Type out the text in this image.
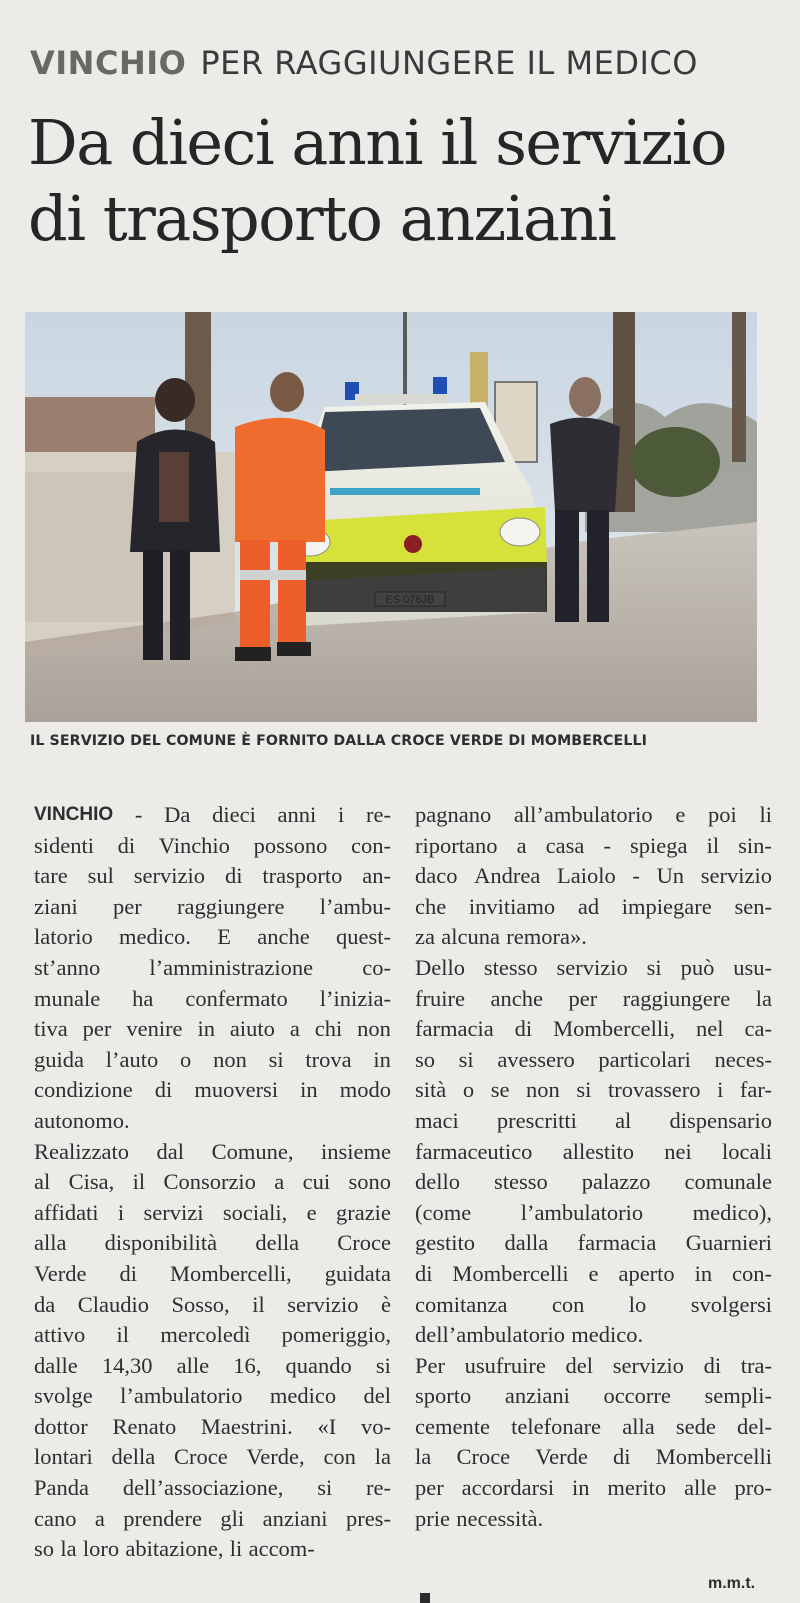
VINCHIO PER RAGGIUNGERE IL MEDICO
Da dieci anni il servizio di trasporto anziani
IL SERVIZIO DEL COMUNE È FORNITO DALLA CROCE VERDE DI MOMBERCELLI
VINCHIO - Da dieci anni i re-
sidenti di Vinchio possono con-
tare sul servizio di trasporto an-
ziani per raggiungere l’ambu-
latorio medico. E anche quest-
st’anno l’amministrazione co-
munale ha confermato l’inizia-
tiva per venire in aiuto a chi non
guida l’auto o non si trova in
condizione di muoversi in modo
autonomo.
Realizzato dal Comune, insieme
al Cisa, il Consorzio a cui sono
affidati i servizi sociali, e grazie
alla disponibilità della Croce
Verde di Mombercelli, guidata
da Claudio Sosso, il servizio è
attivo il mercoledì pomeriggio,
dalle 14,30 alle 16, quando si
svolge l’ambulatorio medico del
dottor Renato Maestrini. «I vo-
lontari della Croce Verde, con la
Panda dell’associazione, si re-
cano a prendere gli anziani pres-
so la loro abitazione, li accom-
pagnano all’ambulatorio e poi li
riportano a casa - spiega il sin-
daco Andrea Laiolo - Un servizio
che invitiamo ad impiegare sen-
za alcuna remora».
Dello stesso servizio si può usu-
fruire anche per raggiungere la
farmacia di Mombercelli, nel ca-
so si avessero particolari neces-
sità o se non si trovassero i far-
maci prescritti al dispensario
farmaceutico allestito nei locali
dello stesso palazzo comunale
(come l’ambulatorio medico),
gestito dalla farmacia Guarnieri
di Mombercelli e aperto in con-
comitanza con lo svolgersi
dell’ambulatorio medico.
Per usufruire del servizio di tra-
sporto anziani occorre sempli-
cemente telefonare alla sede del-
la Croce Verde di Mombercelli
per accordarsi in merito alle pro-
prie necessità.
m.m.t.
